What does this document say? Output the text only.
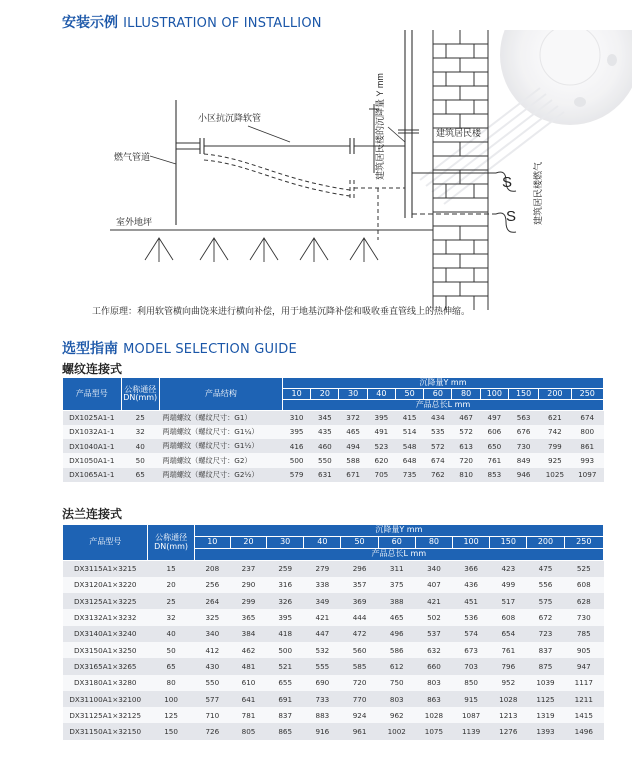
安装示例 ILLUSTRATION OF INSTALLION
建筑居民楼的沉降量 Y mm
小区抗沉降软管
建筑居民楼
燃气管道
室外地坪	建筑居民楼燃气
S
S
工作原理：利用软管横向曲饶来进行横向补偿，用于地基沉降补偿和吸收垂直管线上的热伸缩。
选型指南 MODEL SELECTION GUIDE
螺纹连接式
产品型号	公称通径
DN(mm)	产品结构	沉降量Y mm										
			10	20	30	40	50	60	80	100	150	200	250
			产品总长L mm										
DX1025A1-1	25	两端螺纹（螺纹尺寸：G1）	310	345	372	395	415	434	467	497	563	621	674
DX1032A1-1	32	两端螺纹（螺纹尺寸：G1¼）	395	435	465	491	514	535	572	606	676	742	800
DX1040A1-1	40	两端螺纹（螺纹尺寸：G1½）	416	460	494	523	548	572	613	650	730	799	861
DX1050A1-1	50	两端螺纹（螺纹尺寸：G2）	500	550	588	620	648	674	720	761	849	925	993
DX1065A1-1	65	两端螺纹（螺纹尺寸：G2½）	579	631	671	705	735	762	810	853	946	1025	1097
法兰连接式
产品型号	公称通径
DN(mm)	沉降量Y mm										
		10	20	30	40	50	60	80	100	150	200	250
		产品总长L mm										
DX3115A1×3215	15	208	237	259	279	296	311	340	366	423	475	525
DX3120A1×3220	20	256	290	316	338	357	375	407	436	499	556	608
DX3125A1×3225	25	264	299	326	349	369	388	421	451	517	575	628
DX3132A1×3232	32	325	365	395	421	444	465	502	536	608	672	730
DX3140A1×3240	40	340	384	418	447	472	496	537	574	654	723	785
DX3150A1×3250	50	412	462	500	532	560	586	632	673	761	837	905
DX3165A1×3265	65	430	481	521	555	585	612	660	703	796	875	947
DX3180A1×3280	80	550	610	655	690	720	750	803	850	952	1039	1117
DX31100A1×32100	100	577	641	691	733	770	803	863	915	1028	1125	1211
DX31125A1×32125	125	710	781	837	883	924	962	1028	1087	1213	1319	1415
DX31150A1×32150	150	726	805	865	916	961	1002	1075	1139	1276	1393	1496
